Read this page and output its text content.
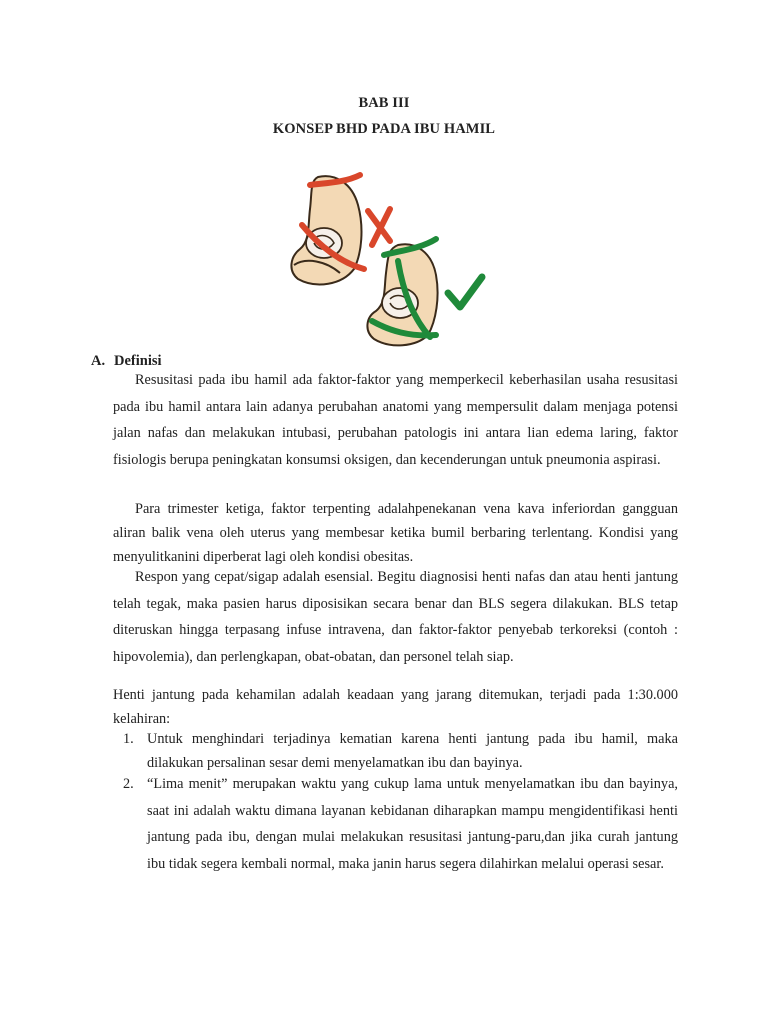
BAB III
KONSEP BHD PADA IBU HAMIL
A. Definisi

Resusitasi pada ibu hamil ada faktor-faktor yang memperkecil keberhasilan usaha resusitasi pada ibu hamil antara lain adanya perubahan anatomi yang mempersulit dalam menjaga potensi jalan nafas dan melakukan intubasi, perubahan patologis ini antara lian edema laring, faktor fisiologis berupa peningkatan konsumsi oksigen, dan kecenderungan untuk pneumonia aspirasi.

Para trimester ketiga, faktor terpenting adalahpenekanan vena kava inferiordan gangguan aliran balik vena oleh uterus yang membesar ketika bumil berbaring terlentang. Kondisi yang menyulitkanini diperberat lagi oleh kondisi obesitas.

Respon yang cepat/sigap adalah esensial. Begitu diagnosisi henti nafas dan atau henti jantung telah tegak, maka pasien harus diposisikan secara benar dan BLS segera dilakukan. BLS tetap diteruskan hingga terpasang infuse intravena, dan faktor-faktor penyebab terkoreksi (contoh : hipovolemia), dan perlengkapan, obat-obatan, dan personel telah siap.

Henti jantung pada kehamilan adalah keadaan yang jarang ditemukan, terjadi pada 1:30.000 kelahiran:

1. Untuk menghindari terjadinya kematian karena henti jantung pada ibu hamil, maka dilakukan persalinan sesar demi menyelamatkan ibu dan bayinya.
2. “Lima menit” merupakan waktu yang cukup lama untuk menyelamatkan ibu dan bayinya, saat ini adalah waktu dimana layanan kebidanan diharapkan mampu mengidentifikasi henti jantung pada ibu, dengan mulai melakukan resusitasi jantung-paru,dan jika curah jantung ibu tidak segera kembali normal, maka janin harus segera dilahirkan melalui operasi sesar.
